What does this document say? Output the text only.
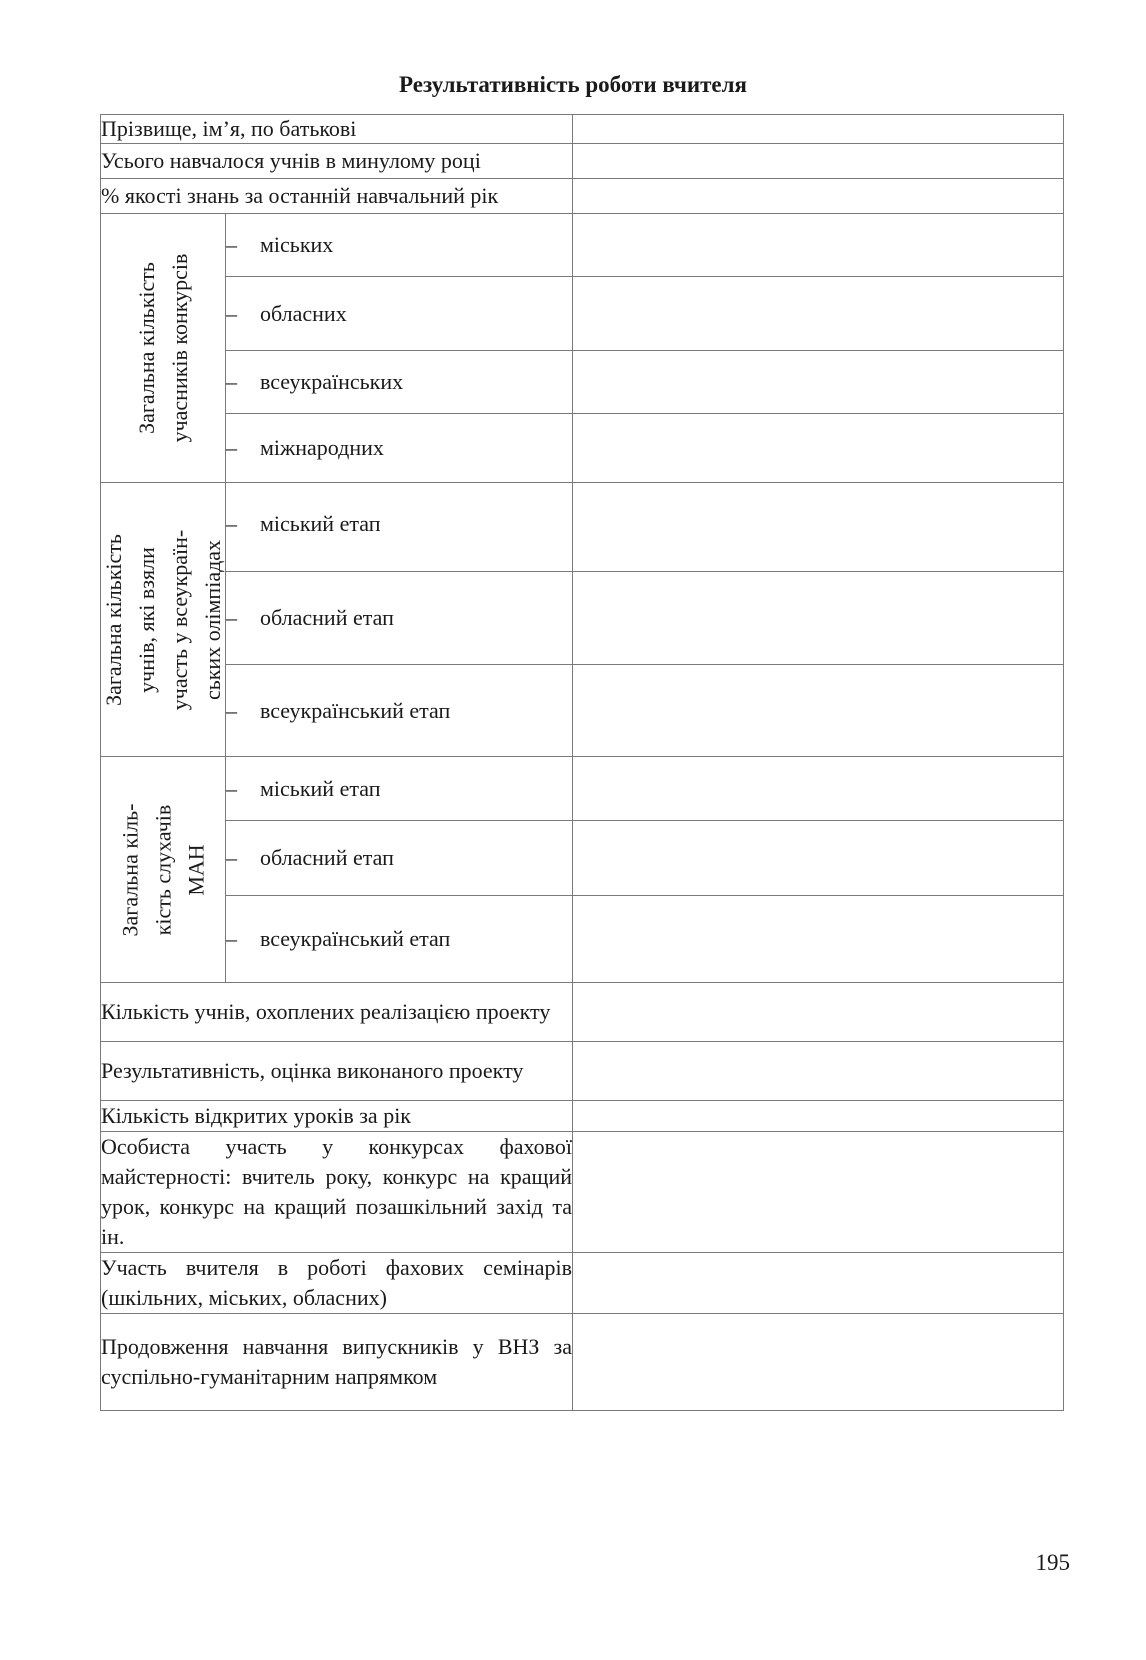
Результативність роботи вчителя
Прізвище, ім’я, по батькові		
Усього навчалося учнів в минулому році		
% якості знань за останній навчальний рік		

Загальна кількість учасників конкурсів	– міських	
	– обласних	
	– всеукраїнських	
	– міжнародних	

Загальна кількість учнів, які взяли участь у всеукраїн- ських олімпіадах	– міський етап	
	– обласний етап	
	– всеукраїнський етап	

Загальна кіль- кість слухачів МАН	– міський етап	
	– обласний етап	
	– всеукраїнський етап	
Кількість учнів, охоплених реалізацією проекту		
Результативність, оцінка виконаного проекту		
Кількість відкритих уроків за рік		
Особиста участь у конкурсах фахової майстерності: вчитель року, конкурс на кращий урок, конкурс на кращий позашкільний захід та ін.		
Участь вчителя в роботі фахових семінарів (шкільних, міських, обласних)		
Продовження навчання випускників у ВНЗ за суспільно-гуманітарним напрямком		
195
